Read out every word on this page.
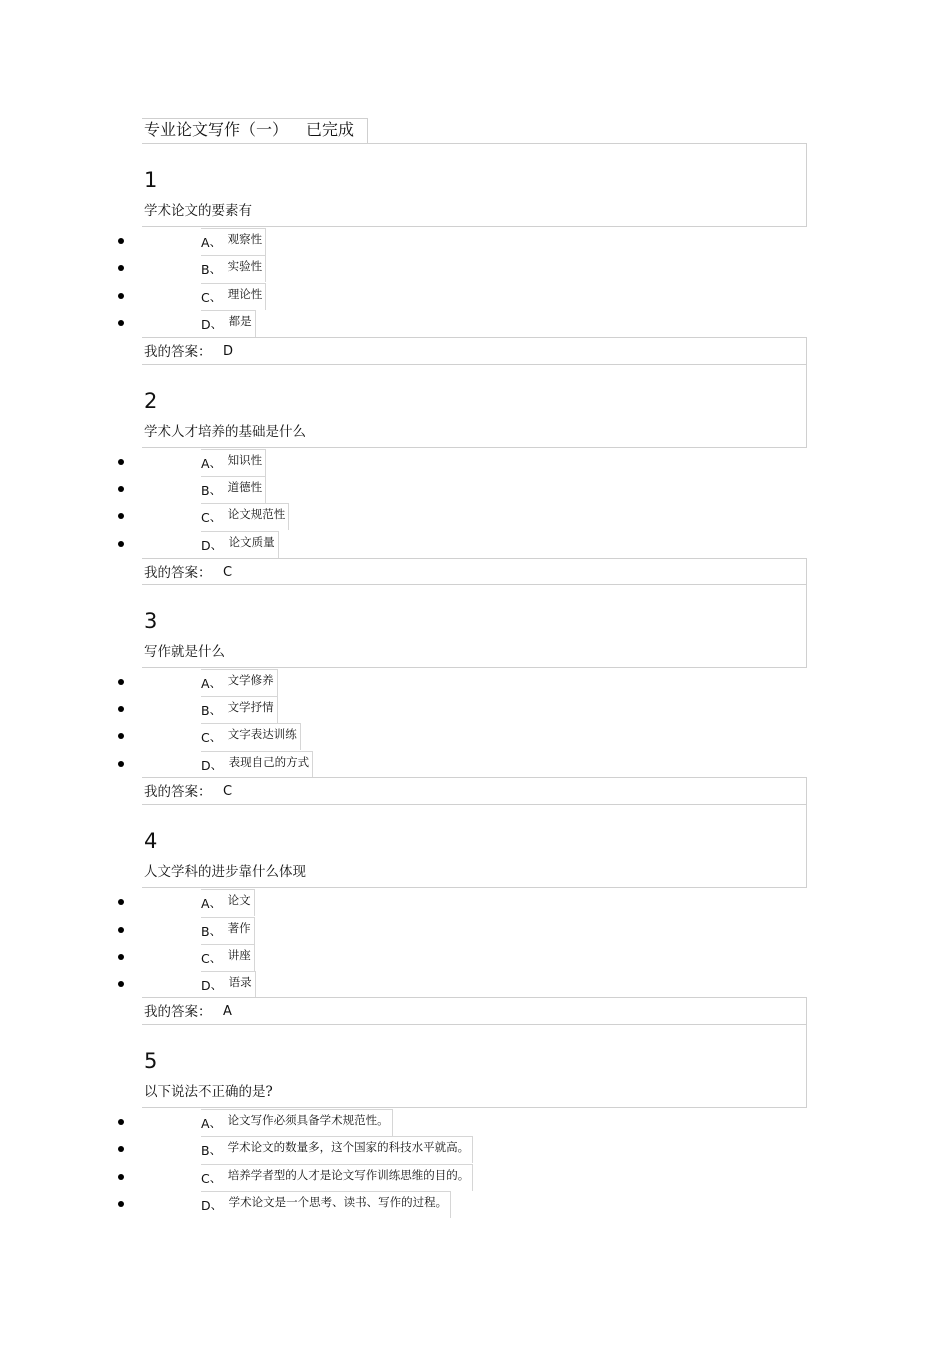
专业论文写作（一） 已完成
1
学术论文的要素有
A、 观察性
B、 实验性
C、 理论性
D、 都是
我的答案： D
2
学术人才培养的基础是什么
A、 知识性
B、 道德性
C、 论文规范性
D、 论文质量
我的答案： C
3
写作就是什么
A、 文学修养
B、 文学抒情
C、 文字表达训练
D、 表现自己的方式
我的答案： C
4
人文学科的进步靠什么体现
A、 论文
B、 著作
C、 讲座
D、 语录
我的答案： A
5
以下说法不正确的是?
A、 论文写作必须具备学术规范性。
B、 学术论文的数量多，这个国家的科技水平就高。
C、 培养学者型的人才是论文写作训练思维的目的。
D、 学术论文是一个思考、读书、写作的过程。
